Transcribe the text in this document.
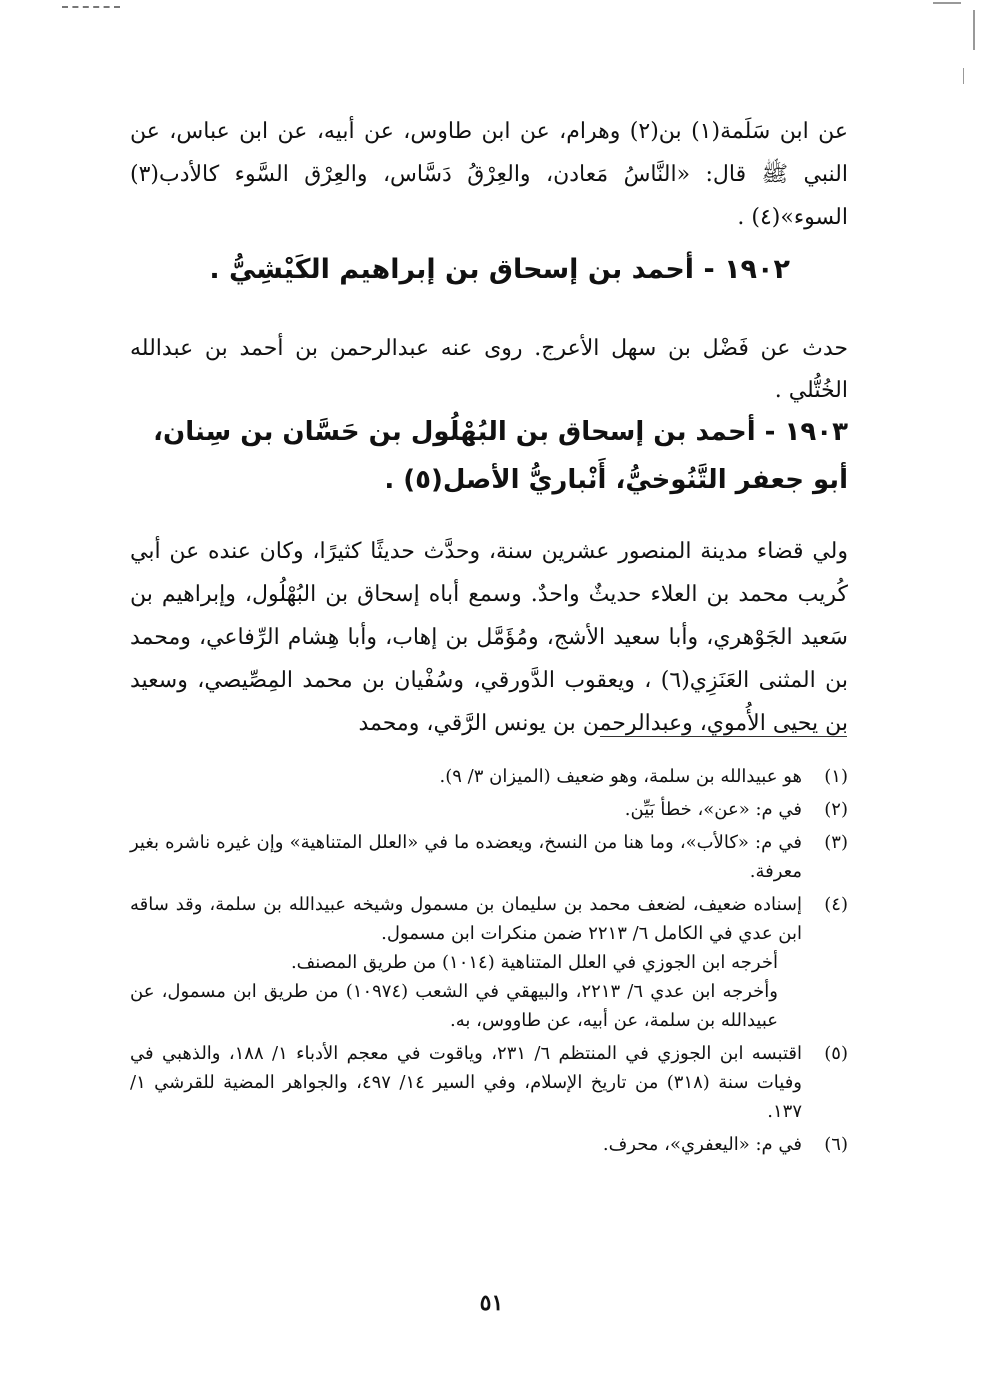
عن ابن سَلَمة(١) بن(٢) وهرام، عن ابن طاوس، عن أبيه، عن ابن عباس، عن النبي ﷺ قال: «النَّاسُ مَعادن، والعِرْقُ دَسَّاس، والعِرْق السَّوء كالأدب(٣) السوء»(٤) .
١٩٠٢ - أحمد بن إسحاق بن إبراهيم الكَيْشِيُّ .
حدث عن فَضْل بن سهل الأعرج. روى عنه عبدالرحمن بن أحمد بن عبدالله الخُتُّلي .
١٩٠٣ - أحمد بن إسحاق بن البُهْلُول بن حَسَّان بن سِنان، أبو جعفر التَّنُوخيُّ، أَنْباريُّ الأصل(٥) .
ولي قضاء مدينة المنصور عشرين سنة، وحدَّث حديثًا كثيرًا، وكان عنده عن أبي كُريب محمد بن العلاء حديثٌ واحدٌ. وسمع أباه إسحاق بن البُهْلُول، وإبراهيم بن سَعيد الجَوْهري، وأبا سعيد الأشج، ومُؤَمَّل بن إهاب، وأبا هِشام الرِّفاعي، ومحمد بن المثنى العَنَزِي(٦) ، ويعقوب الدَّورقي، وسُفْيان بن محمد المِصِّيصي، وسعيد بن يحيى الأُموي، وعبدالرحمن بن يونس الرَّقي، ومحمد
(١)
هو عبيدالله بن سلمة، وهو ضعيف (الميزان ٣/ ٩).
(٢)
في م: «عن»، خطأ بَيِّن.
(٣)
في م: «كالأب»، وما هنا من النسخ، ويعضده ما في «العلل المتناهية» وإن غيره ناشره بغير معرفة.
(٤)
إسناده ضعيف، لضعف محمد بن سليمان بن مسمول وشيخه عبيدالله بن سلمة، وقد ساقه ابن عدي في الكامل ٦/ ٢٢١٣ ضمن منكرات ابن مسمول.
أخرجه ابن الجوزي في العلل المتناهية (١٠١٤) من طريق المصنف.
وأخرجه ابن عدي ٦/ ٢٢١٣، والبيهقي في الشعب (١٠٩٧٤) من طريق ابن مسمول، عن عبيدالله بن سلمة، عن أبيه، عن طاووس، به.
(٥)
اقتبسه ابن الجوزي في المنتظم ٦/ ٢٣١، وياقوت في معجم الأدباء ١/ ١٨٨، والذهبي في وفيات سنة (٣١٨) من تاريخ الإسلام، وفي السير ١٤/ ٤٩٧، والجواهر المضية للقرشي ١/ ١٣٧.
(٦)
في م: «اليعفري»، محرف.
٥١
